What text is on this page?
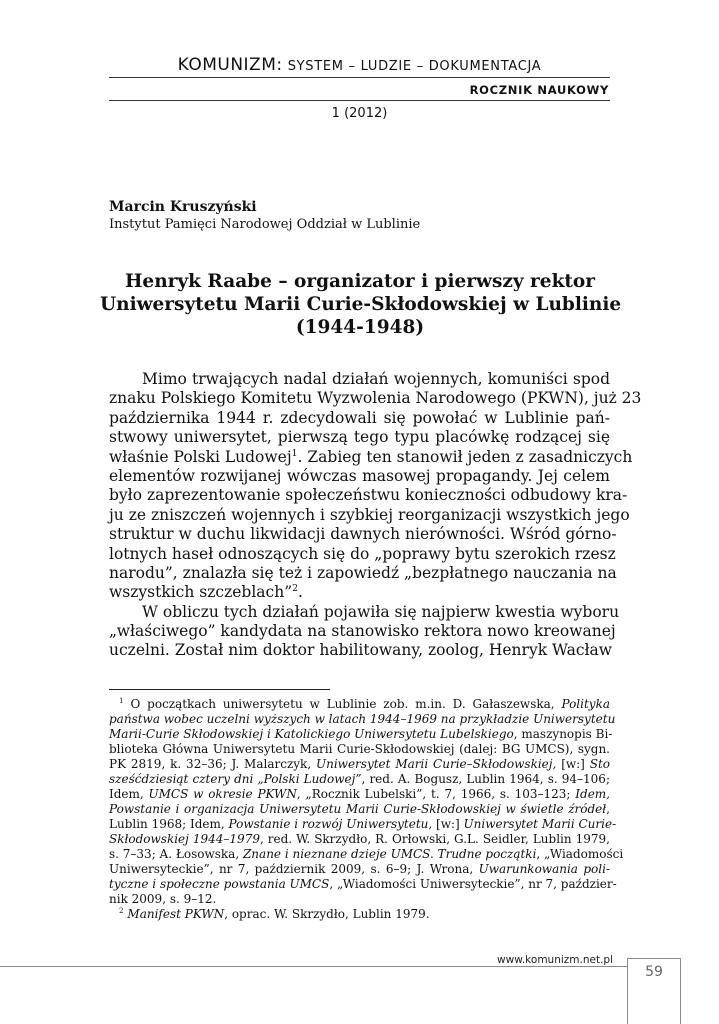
KOMUNIZM: SYSTEM – LUDZIE – DOKUMENTACJA
ROCZNIK NAUKOWY
1 (2012)
Marcin Kruszyński
Instytut Pamięci Narodowej Oddział w Lublinie
Henryk Raabe – organizator i pierwszy rektor
Uniwersytetu Marii Curie-Skłodowskiej w Lublinie
(1944-1948)
Mimo trwających nadal działań wojennych, komuniści spod
znaku Polskiego Komitetu Wyzwolenia Narodowego (PKWN), już 23
października 1944 r. zdecydowali się powołać w Lublinie pań-
stwowy uniwersytet, pierwszą tego typu placówkę rodzącej się
właśnie Polski Ludowej$^1$. Zabieg ten stanowił jeden z zasadniczych
elementów rozwijanej wówczas masowej propagandy. Jej celem
było zaprezentowanie społeczeństwu konieczności odbudowy kra-
ju ze zniszczeń wojennych i szybkiej reorganizacji wszystkich jego
struktur w duchu likwidacji dawnych nierówności. Wśród górno-
lotnych haseł odnoszących się do „poprawy bytu szerokich rzesz
narodu”, znalazła się też i zapowiedź „bezpłatnego nauczania na
wszystkich szczeblach”$^2$.
W obliczu tych działań pojawiła się najpierw kwestia wyboru
„właściwego” kandydata na stanowisko rektora nowo kreowanej
uczelni. Został nim doktor habilitowany, zoolog, Henryk Wacław
$^1$ O początkach uniwersytetu w Lublinie zob. m.in. D. Gałaszewska, Polityka
państwa wobec uczelni wyższych w latach 1944–1969 na przykładzie Uniwersytetu
Marii-Curie Skłodowskiej i Katolickiego Uniwersytetu Lubelskiego, maszynopis Bi-
blioteka Główna Uniwersytetu Marii Curie-Skłodowskiej (dalej: BG UMCS), sygn.
PK 2819, k. 32–36; J. Malarczyk, Uniwersytet Marii Curie–Skłodowskiej, [w:] Sto
sześćdziesiąt cztery dni „Polski Ludowej”, red. A. Bogusz, Lublin 1964, s. 94–106;
Idem, UMCS w okresie PKWN, „Rocznik Lubelski”, t. 7, 1966, s. 103–123; Idem,
Powstanie i organizacja Uniwersytetu Marii Curie-Skłodowskiej w świetle źródeł,
Lublin 1968; Idem, Powstanie i rozwój Uniwersytetu, [w:] Uniwersytet Marii Curie-
Skłodowskiej 1944–1979, red. W. Skrzydło, R. Orłowski, G.L. Seidler, Lublin 1979,
s. 7–33; A. Łosowska, Znane i nieznane dzieje UMCS. Trudne początki, „Wiadomości
Uniwersyteckie”, nr 7, październik 2009, s. 6–9; J. Wrona, Uwarunkowania poli-
tyczne i społeczne powstania UMCS, „Wiadomości Uniwersyteckie”, nr 7, paździer-
nik 2009, s. 9–12.
$^2$ Manifest PKWN, oprac. W. Skrzydło, Lublin 1979.
www.komunizm.net.pl
59
